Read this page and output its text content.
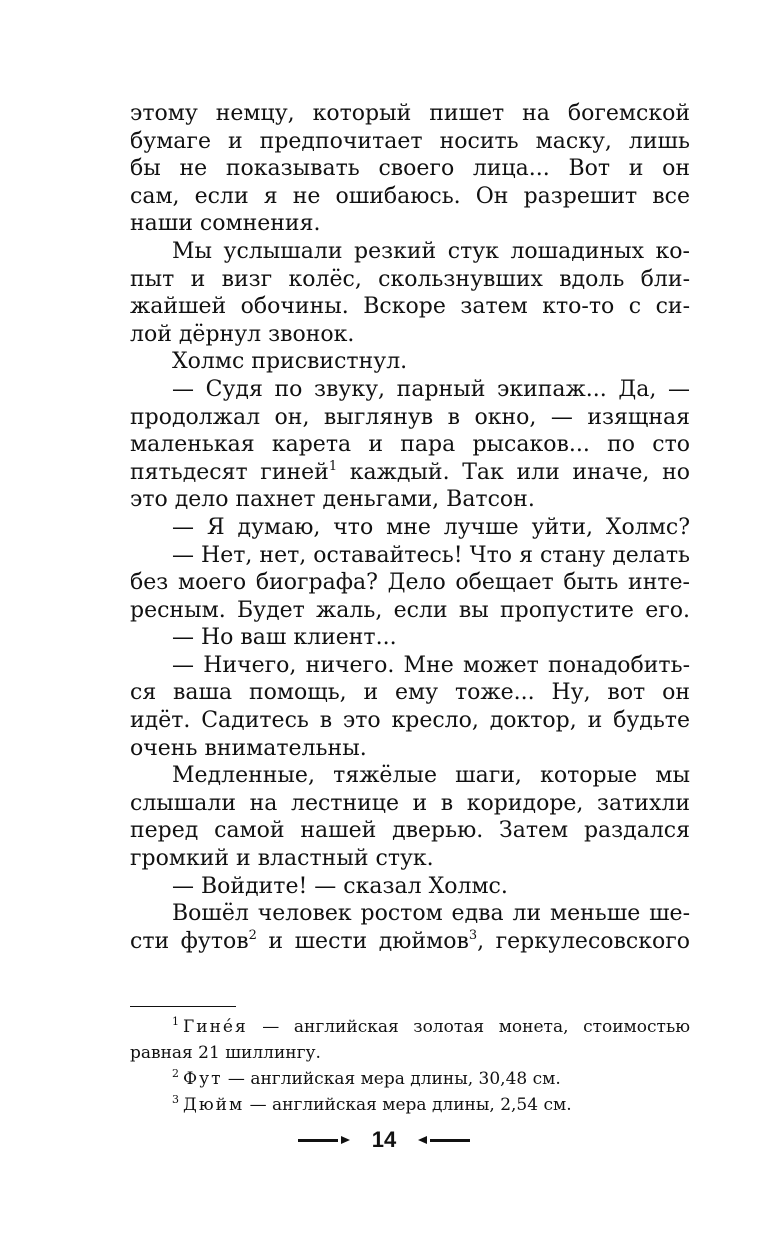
этому немцу, который пишет на богемской
бумаге и предпочитает носить маску, лишь
бы не показывать своего лица... Вот и он
сам, если я не ошибаюсь. Он разрешит все
наши сомнения.
Мы услышали резкий стук лошадиных ко-
пыт и визг колёс, скользнувших вдоль бли-
жайшей обочины. Вскоре затем кто-то с си-
лой дёрнул звонок.
Холмс присвистнул.
— Судя по звуку, парный экипаж... Да, —
продолжал он, выглянув в окно, — изящная
маленькая карета и пара рысаков... по сто
пятьдесят гиней$^1$ каждый. Так или иначе, но
это дело пахнет деньгами, Ватсон.
— Я думаю, что мне лучше уйти, Холмс?
— Нет, нет, оставайтесь! Что я стану делать
без моего биографа? Дело обещает быть инте-
ресным. Будет жаль, если вы пропустите его.
— Но ваш клиент...
— Ничего, ничего. Мне может понадобить-
ся ваша помощь, и ему тоже... Ну, вот он
идёт. Садитесь в это кресло, доктор, и будьте
очень внимательны.
Медленные, тяжёлые шаги, которые мы
слышали на лестнице и в коридоре, затихли
перед самой нашей дверью. Затем раздался
громкий и властный стук.
— Войдите! — сказал Холмс.
Вошёл человек ростом едва ли меньше ше-
сти футов$^2$ и шести дюймов$^3$, геркулесовского
$^1$ Гинéя — английская золотая монета, стоимостью
равная 21 шиллингу.
$^2$ Фут — английская мера длины, 30,48 см.
$^3$ Дюйм — английская мера длины, 2,54 см.
14
